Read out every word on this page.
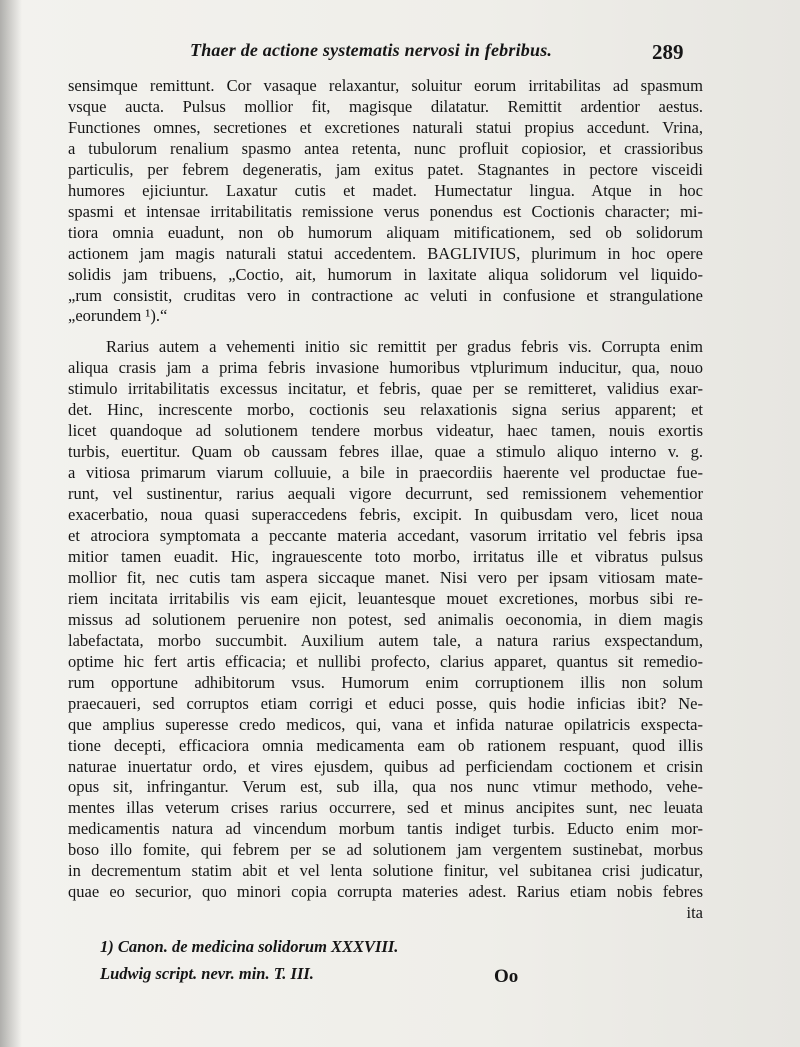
Thaer de actione systematis nervosi in febribus.	289
sensimque remittunt. Cor vasaque relaxantur, soluitur eorum irritabilitas ad spasmum
vsque aucta. Pulsus mollior fit, magisque dilatatur. Remittit ardentior aestus.
Functiones omnes, secretiones et excretiones naturali statui propius accedunt. Vrina,
a tubulorum renalium spasmo antea retenta, nunc profluit copiosior, et crassioribus
particulis, per febrem degeneratis, jam exitus patet. Stagnantes in pectore visceidi
humores ejiciuntur. Laxatur cutis et madet. Humectatur lingua. Atque in hoc
spasmi et intensae irritabilitatis remissione verus ponendus est Coctionis character; mi-
tiora omnia euadunt, non ob humorum aliquam mitificationem, sed ob solidorum
actionem jam magis naturali statui accedentem. BAGLIVIUS, plurimum in hoc opere
solidis jam tribuens, „Coctio, ait, humorum in laxitate aliqua solidorum vel liquido-
„rum consistit, cruditas vero in contractione ac veluti in confusione et strangulatione
„eorundem ¹).“
Rarius autem a vehementi initio sic remittit per gradus febris vis. Corrupta enim
aliqua crasis jam a prima febris invasione humoribus vtplurimum inducitur, qua, nouo
stimulo irritabilitatis excessus incitatur, et febris, quae per se remitteret, validius exar-
det. Hinc, increscente morbo, coctionis seu relaxationis signa serius apparent; et
licet quandoque ad solutionem tendere morbus videatur, haec tamen, nouis exortis
turbis, euertitur. Quam ob caussam febres illae, quae a stimulo aliquo interno v. g.
a vitiosa primarum viarum colluuie, a bile in praecordiis haerente vel productae fue-
runt, vel sustinentur, rarius aequali vigore decurrunt, sed remissionem vehementior
exacerbatio, noua quasi superaccedens febris, excipit. In quibusdam vero, licet noua
et atrociora symptomata a peccante materia accedant, vasorum irritatio vel febris ipsa
mitior tamen euadit. Hic, ingrauescente toto morbo, irritatus ille et vibratus pulsus
mollior fit, nec cutis tam aspera siccaque manet. Nisi vero per ipsam vitiosam mate-
riem incitata irritabilis vis eam ejicit, leuantesque mouet excretiones, morbus sibi re-
missus ad solutionem peruenire non potest, sed animalis oeconomia, in diem magis
labefactata, morbo succumbit. Auxilium autem tale, a natura rarius exspectandum,
optime hic fert artis efficacia; et nullibi profecto, clarius apparet, quantus sit remedio-
rum opportune adhibitorum vsus. Humorum enim corruptionem illis non solum
praecaueri, sed corruptos etiam corrigi et educi posse, quis hodie inficias ibit? Ne-
que amplius superesse credo medicos, qui, vana et infida naturae opilatricis exspecta-
tione decepti, efficaciora omnia medicamenta eam ob rationem respuant, quod illis
naturae inuertatur ordo, et vires ejusdem, quibus ad perficiendam coctionem et crisin
opus sit, infringantur. Verum est, sub illa, qua nos nunc vtimur methodo, vehe-
mentes illas veterum crises rarius occurrere, sed et minus ancipites sunt, nec leuata
medicamentis natura ad vincendum morbum tantis indiget turbis. Educto enim mor-
boso illo fomite, qui febrem per se ad solutionem jam vergentem sustinebat, morbus
in decrementum statim abit et vel lenta solutione finitur, vel subitanea crisi judicatur,
quae eo securior, quo minori copia corrupta materies adest. Rarius etiam nobis febres
ita
1) Canon. de medicina solidorum XXXVIII.
Ludwig script. nevr. min. T. III.	Oo
